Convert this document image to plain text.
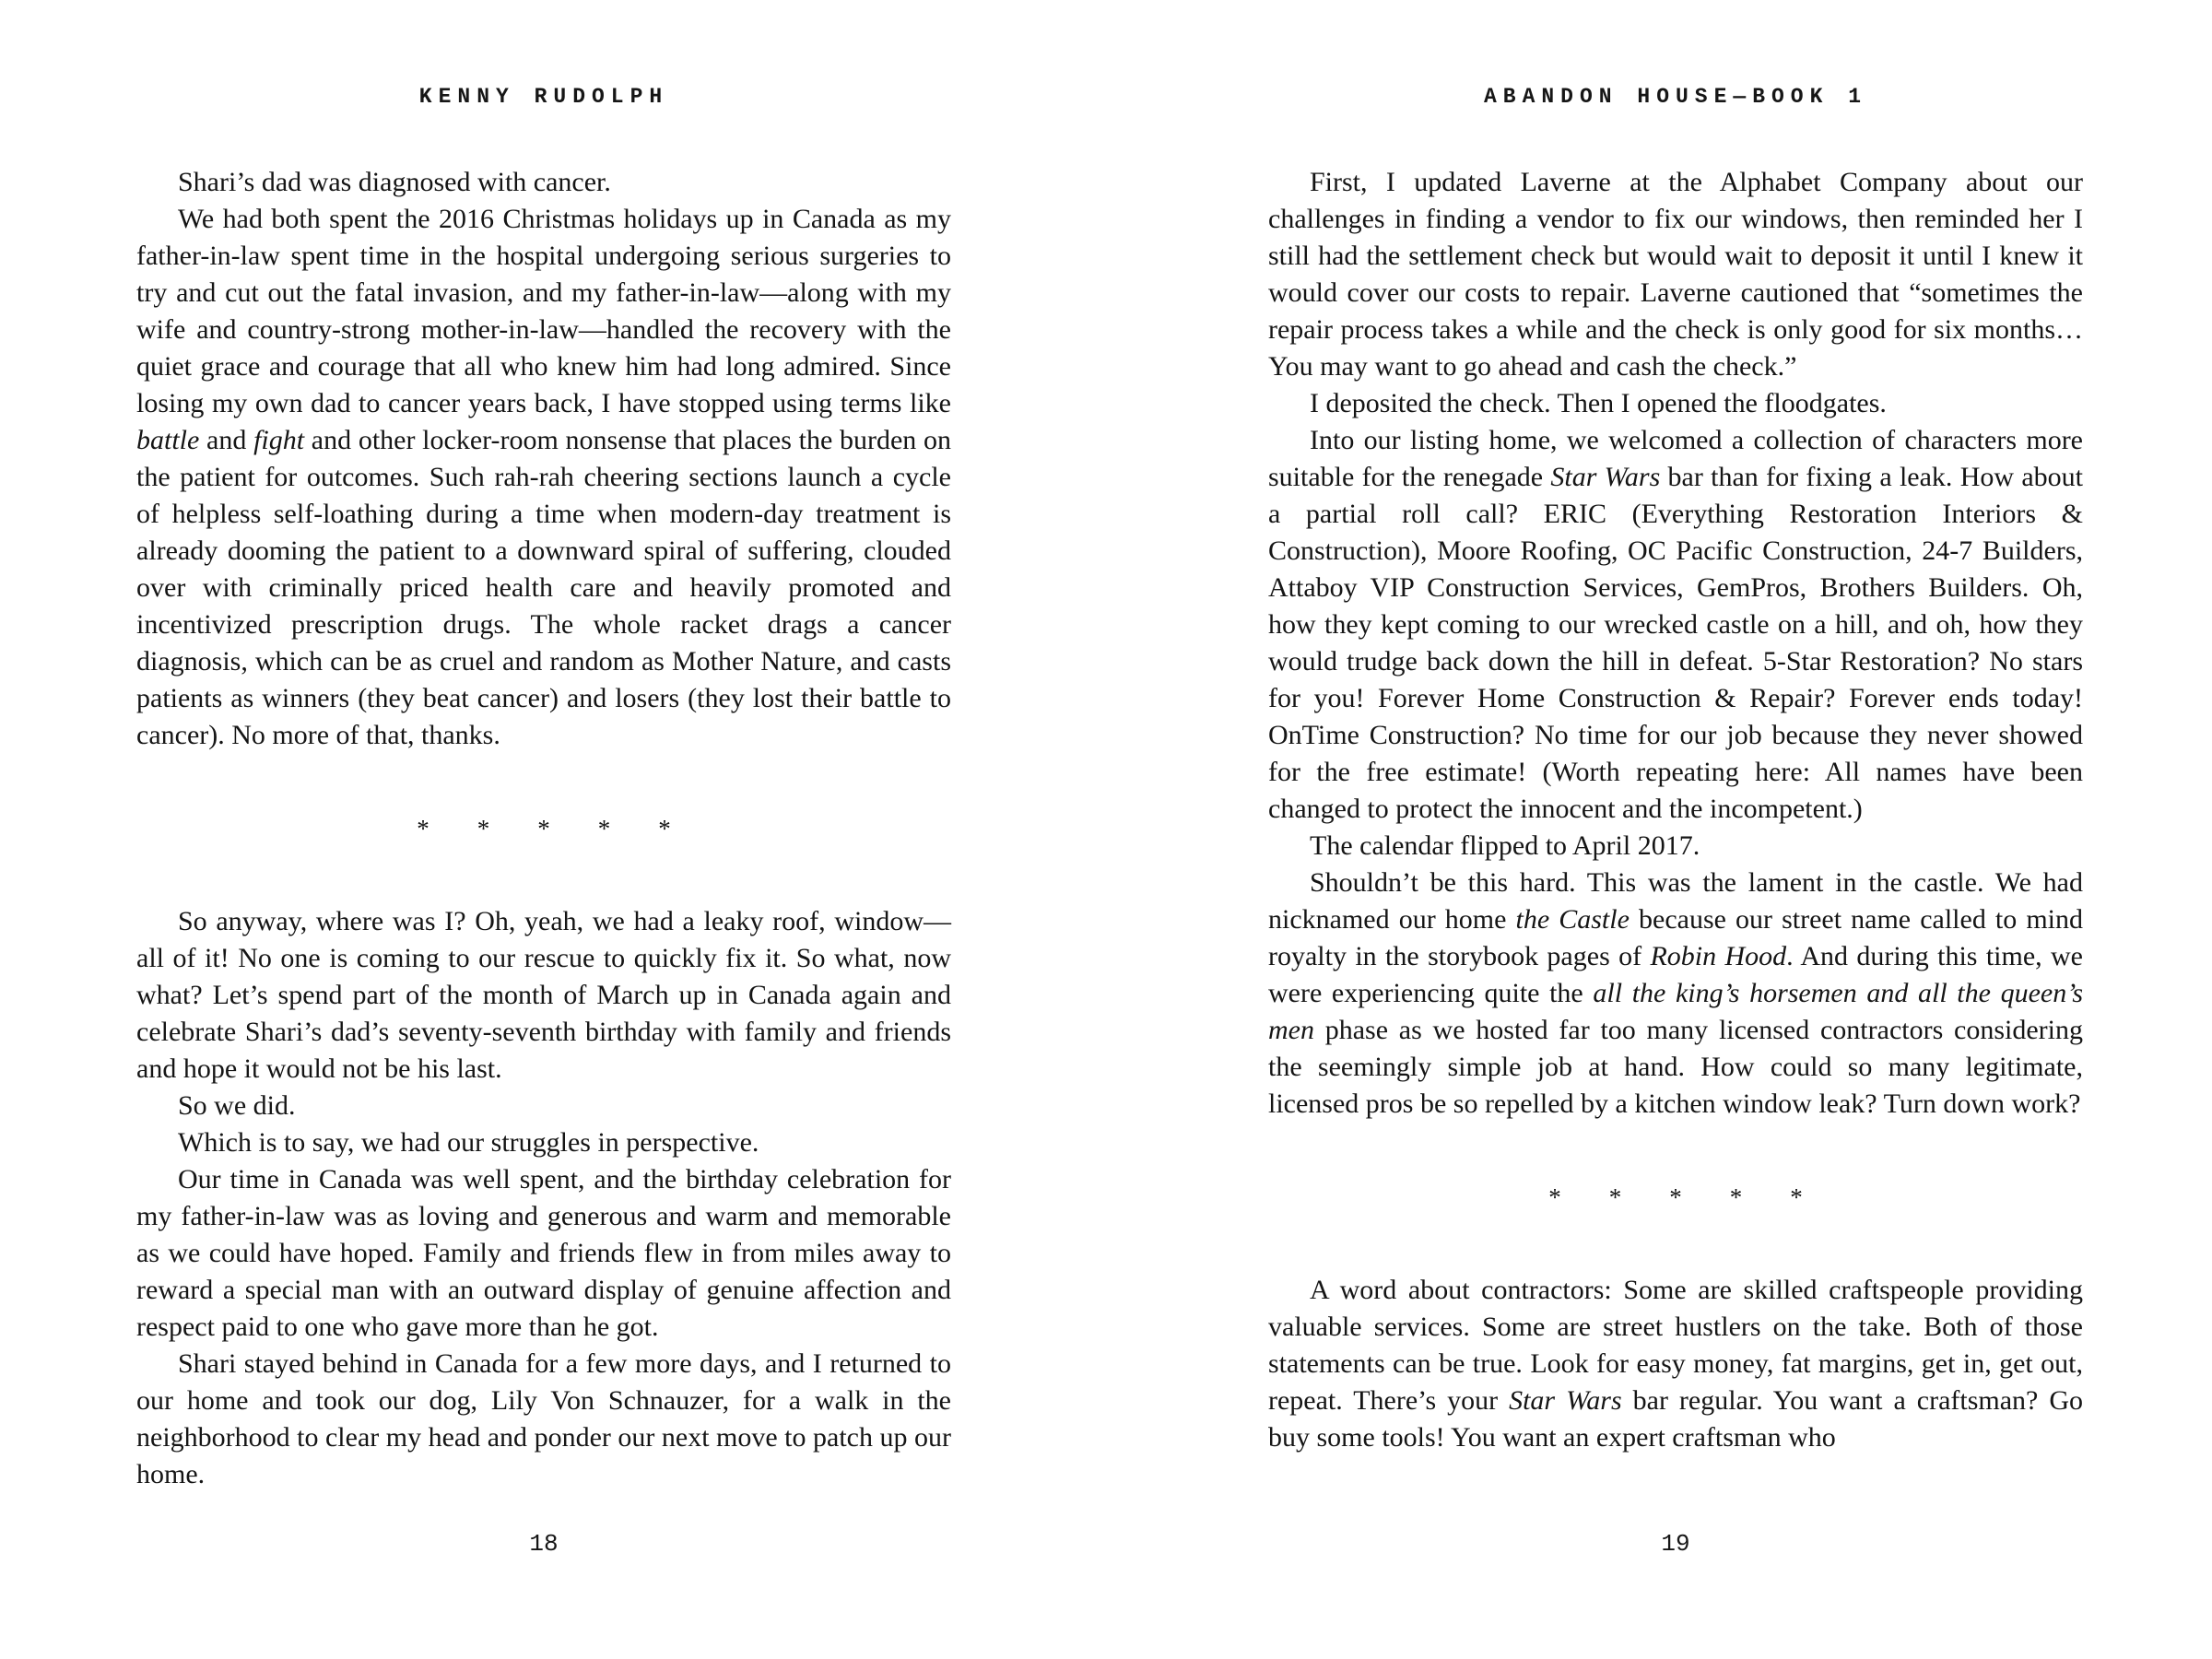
KENNY RUDOLPH

Shari’s dad was diagnosed with cancer.

We had both spent the 2016 Christmas holidays up in Canada as my father-in-law spent time in the hospital undergoing serious surgeries to try and cut out the fatal invasion, and my father-in-law—along with my wife and country-strong mother-in-law—handled the recovery with the quiet grace and courage that all who knew him had long admired. Since losing my own dad to cancer years back, I have stopped using terms like battle and fight and other locker-room nonsense that places the burden on the patient for outcomes. Such rah-rah cheering sections launch a cycle of helpless self-loathing during a time when modern-day treatment is already dooming the patient to a downward spiral of suffering, clouded over with criminally priced health care and heavily promoted and incentivized prescription drugs. The whole racket drags a cancer diagnosis, which can be as cruel and random as Mother Nature, and casts patients as winners (they beat cancer) and losers (they lost their battle to cancer). No more of that, thanks.

* * * * *

So anyway, where was I? Oh, yeah, we had a leaky roof, window—all of it! No one is coming to our rescue to quickly fix it. So what, now what? Let’s spend part of the month of March up in Canada again and celebrate Shari’s dad’s seventy-seventh birthday with family and friends and hope it would not be his last.

So we did.

Which is to say, we had our struggles in perspective.

Our time in Canada was well spent, and the birthday celebration for my father-in-law was as loving and generous and warm and memorable as we could have hoped. Family and friends flew in from miles away to reward a special man with an outward display of genuine affection and respect paid to one who gave more than he got.

Shari stayed behind in Canada for a few more days, and I returned to our home and took our dog, Lily Von Schnauzer, for a walk in the neighborhood to clear my head and ponder our next move to patch up our home.

18
ABANDON HOUSE—BOOK 1

First, I updated Laverne at the Alphabet Company about our challenges in finding a vendor to fix our windows, then reminded her I still had the settlement check but would wait to deposit it until I knew it would cover our costs to repair. Laverne cautioned that “sometimes the repair process takes a while and the check is only good for six months… You may want to go ahead and cash the check.”

I deposited the check. Then I opened the floodgates.

Into our listing home, we welcomed a collection of characters more suitable for the renegade Star Wars bar than for fixing a leak. How about a partial roll call? ERIC (Everything Restoration Interiors & Construction), Moore Roofing, OC Pacific Construction, 24-7 Builders, Attaboy VIP Construction Services, GemPros, Brothers Builders. Oh, how they kept coming to our wrecked castle on a hill, and oh, how they would trudge back down the hill in defeat. 5-Star Restoration? No stars for you! Forever Home Construction & Repair? Forever ends today! OnTime Construction? No time for our job because they never showed for the free estimate! (Worth repeating here: All names have been changed to protect the innocent and the incompetent.)

The calendar flipped to April 2017.

Shouldn’t be this hard. This was the lament in the castle. We had nicknamed our home the Castle because our street name called to mind royalty in the storybook pages of Robin Hood. And during this time, we were experiencing quite the all the king’s horsemen and all the queen’s men phase as we hosted far too many licensed contractors considering the seemingly simple job at hand. How could so many legitimate, licensed pros be so repelled by a kitchen window leak? Turn down work?

* * * * *

A word about contractors: Some are skilled craftspeople providing valuable services. Some are street hustlers on the take. Both of those statements can be true. Look for easy money, fat margins, get in, get out, repeat. There’s your Star Wars bar regular. You want a craftsman? Go buy some tools! You want an expert craftsman who

19
